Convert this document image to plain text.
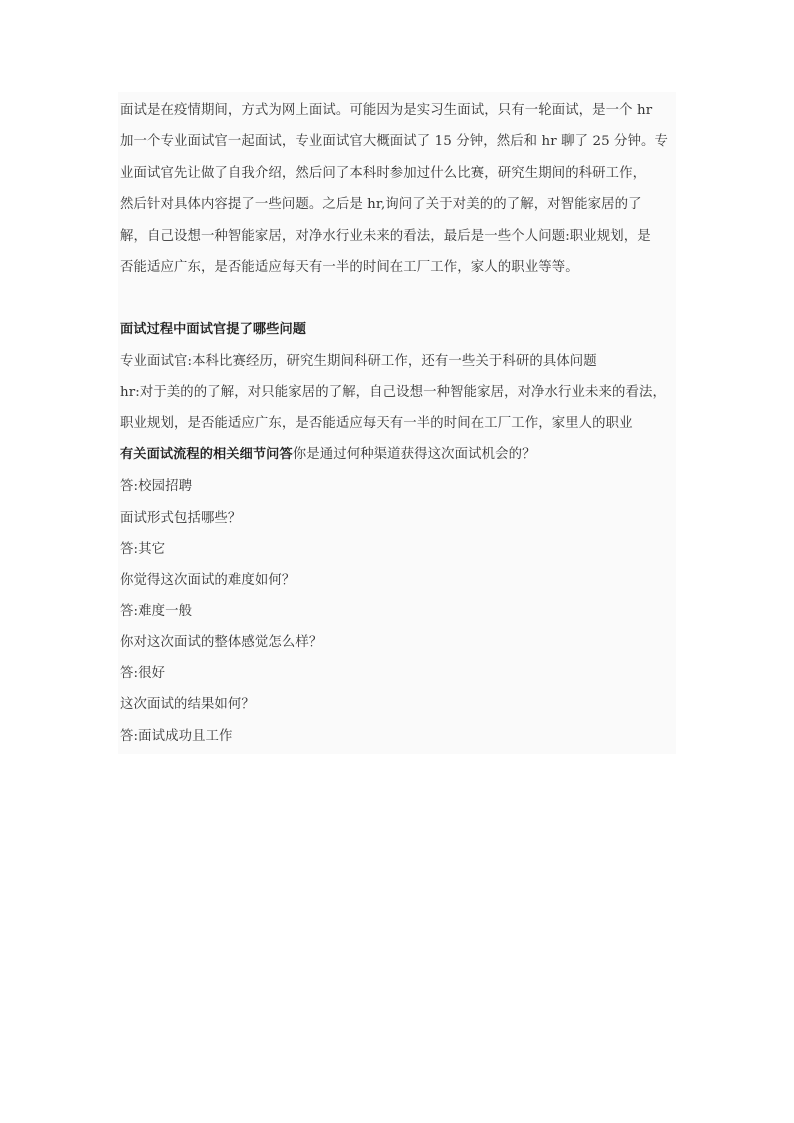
面试是在疫情期间，方式为网上面试。可能因为是实习生面试，只有一轮面试，是一个 hr
加一个专业面试官一起面试，专业面试官大概面试了 15 分钟，然后和 hr 聊了 25 分钟。专
业面试官先让做了自我介绍，然后问了本科时参加过什么比赛，研究生期间的科研工作，
然后针对具体内容提了一些问题。之后是 hr,询问了关于对美的的了解，对智能家居的了
解，自己设想一种智能家居，对净水行业未来的看法，最后是一些个人问题:职业规划，是
否能适应广东，是否能适应每天有一半的时间在工厂工作，家人的职业等等。
面试过程中面试官提了哪些问题
专业面试官:本科比赛经历，研究生期间科研工作，还有一些关于科研的具体问题
hr:对于美的的了解，对只能家居的了解，自己设想一种智能家居，对净水行业未来的看法，
职业规划，是否能适应广东，是否能适应每天有一半的时间在工厂工作，家里人的职业
有关面试流程的相关细节问答你是通过何种渠道获得这次面试机会的？
答:校园招聘
面试形式包括哪些？
答:其它
你觉得这次面试的难度如何？
答:难度一般
你对这次面试的整体感觉怎么样？
答:很好
这次面试的结果如何？
答:面试成功且工作
